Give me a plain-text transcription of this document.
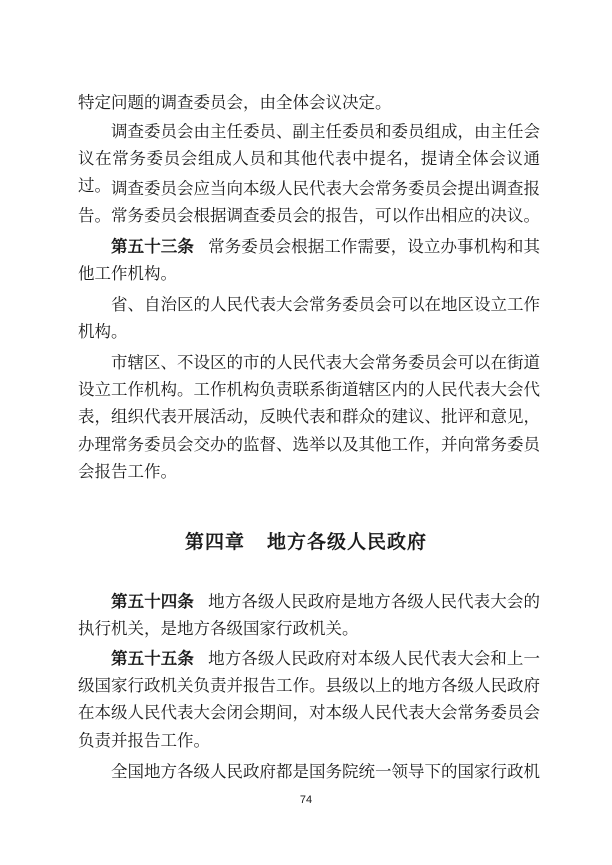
特定问题的调查委员会，由全体会议决定。

调查委员会由主任委员、副主任委员和委员组成，由主任会议在常务委员会组成人员和其他代表中提名，提请全体会议通过。 调查委员会应当向本级人民代表大会常务委员会提出调查报告。常务委员会根据调查委员会的报告，可以作出相应的决议。

第五十三条 常务委员会根据工作需要，设立办事机构和其他工作机构。

省、自治区的人民代表大会常务委员会可以在地区设立工作机构。

市辖区、不设区的市的人民代表大会常务委员会可以在街道设立工作机构。工作机构负责联系街道辖区内的人民代表大会代表，组织代表开展活动，反映代表和群众的建议、批评和意见，办理常务委员会交办的监督、选举以及其他工作，并向常务委员会报告工作。

第四章 地方各级人民政府

第五十四条 地方各级人民政府是地方各级人民代表大会的执行机关，是地方各级国家行政机关。

第五十五条 地方各级人民政府对本级人民代表大会和上一级国家行政机关负责并报告工作。县级以上的地方各级人民政府在本级人民代表大会闭会期间，对本级人民代表大会常务委员会负责并报告工作。

全国地方各级人民政府都是国务院统一领导下的国家行政机

74
